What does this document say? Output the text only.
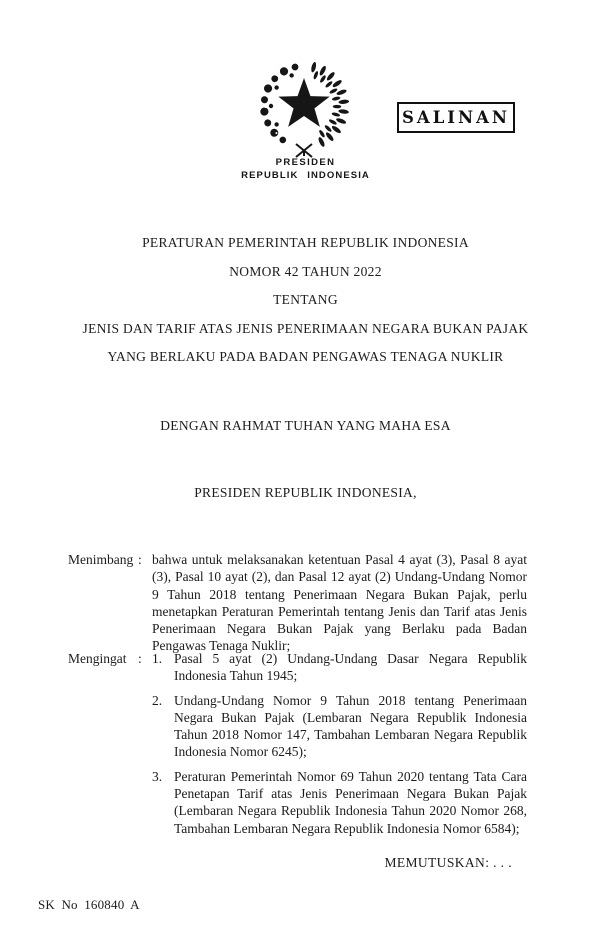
PRESIDEN
REPUBLIK INDONESIA
SALINAN
PERATURAN PEMERINTAH REPUBLIK INDONESIA
NOMOR 42 TAHUN 2022
TENTANG
JENIS DAN TARIF ATAS JENIS PENERIMAAN NEGARA BUKAN PAJAK
YANG BERLAKU PADA BADAN PENGAWAS TENAGA NUKLIR
DENGAN RAHMAT TUHAN YANG MAHA ESA
PRESIDEN REPUBLIK INDONESIA,
Menimbang : bahwa untuk melaksanakan ketentuan Pasal 4 ayat (3), Pasal 8 ayat (3), Pasal 10 ayat (2), dan Pasal 12 ayat (2) Undang-Undang Nomor 9 Tahun 2018 tentang Penerimaan Negara Bukan Pajak, perlu menetapkan Peraturan Pemerintah tentang Jenis dan Tarif atas Jenis Penerimaan Negara Bukan Pajak yang Berlaku pada Badan Pengawas Tenaga Nuklir;
Mengingat : 1. Pasal 5 ayat (2) Undang-Undang Dasar Negara Republik Indonesia Tahun 1945;
2. Undang-Undang Nomor 9 Tahun 2018 tentang Penerimaan Negara Bukan Pajak (Lembaran Negara Republik Indonesia Tahun 2018 Nomor 147, Tambahan Lembaran Negara Republik Indonesia Nomor 6245);
3. Peraturan Pemerintah Nomor 69 Tahun 2020 tentang Tata Cara Penetapan Tarif atas Jenis Penerimaan Negara Bukan Pajak (Lembaran Negara Republik Indonesia Tahun 2020 Nomor 268, Tambahan Lembaran Negara Republik Indonesia Nomor 6584);
MEMUTUSKAN: . . .
SK No 160840 A
